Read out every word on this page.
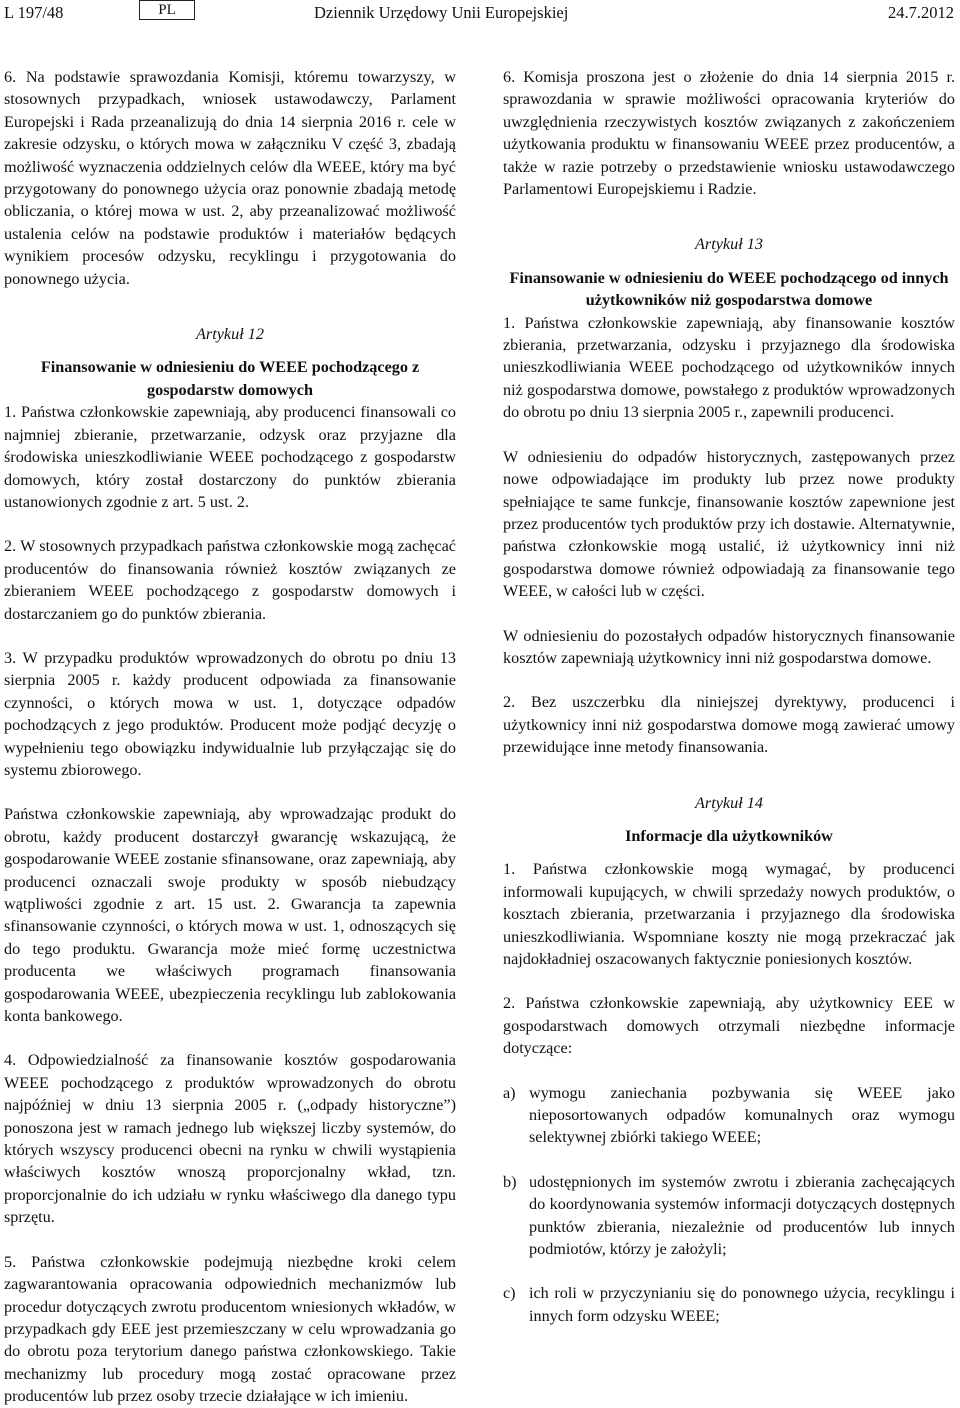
L 197/48	PL	Dziennik Urzędowy Unii Europejskiej	24.7.2012

6. Na podstawie sprawozdania Komisji, któremu towarzyszy, w stosownych przypadkach, wniosek ustawodawczy, Parlament Europejski i Rada przeanalizują do dnia 14 sierpnia 2016 r. cele w zakresie odzysku, o których mowa w załączniku V część 3, zbadają możliwość wyznaczenia oddzielnych celów dla WEEE, który ma być przygotowany do ponownego użycia oraz ponownie zbadają metodę obliczania, o której mowa w ust. 2, aby przeanalizować możliwość ustalenia celów na podstawie produktów i materiałów będących wynikiem procesów odzysku, recyklingu i przygotowania do ponownego użycia.

Artykuł 12

Finansowanie w odniesieniu do WEEE pochodzącego z gospodarstw domowych

1. Państwa członkowskie zapewniają, aby producenci finansowali co najmniej zbieranie, przetwarzanie, odzysk oraz przyjazne dla środowiska unieszkodliwianie WEEE pochodzącego z gospodarstw domowych, który został dostarczony do punktów zbierania ustanowionych zgodnie z art. 5 ust. 2.

2. W stosownych przypadkach państwa członkowskie mogą zachęcać producentów do finansowania również kosztów związanych ze zbieraniem WEEE pochodzącego z gospodarstw domowych i dostarczaniem go do punktów zbierania.

3. W przypadku produktów wprowadzonych do obrotu po dniu 13 sierpnia 2005 r. każdy producent odpowiada za finansowanie czynności, o których mowa w ust. 1, dotyczące odpadów pochodzących z jego produktów. Producent może podjąć decyzję o wypełnieniu tego obowiązku indywidualnie lub przyłączając się do systemu zbiorowego.

Państwa członkowskie zapewniają, aby wprowadzając produkt do obrotu, każdy producent dostarczył gwarancję wskazującą, że gospodarowanie WEEE zostanie sfinansowane, oraz zapewniają, aby producenci oznaczali swoje produkty w sposób niebudzący wątpliwości zgodnie z art. 15 ust. 2. Gwarancja ta zapewnia sfinansowanie czynności, o których mowa w ust. 1, odnoszących się do tego produktu. Gwarancja może mieć formę uczestnictwa producenta we właściwych programach finansowania gospodarowania WEEE, ubezpieczenia recyklingu lub zablokowania konta bankowego.

4. Odpowiedzialność za finansowanie kosztów gospodarowania WEEE pochodzącego z produktów wprowadzonych do obrotu najpóźniej w dniu 13 sierpnia 2005 r. („odpady historyczne”) ponoszona jest w ramach jednego lub większej liczby systemów, do których wszyscy producenci obecni na rynku w chwili wystąpienia właściwych kosztów wnoszą proporcjonalny wkład, tzn. proporcjonalnie do ich udziału w rynku właściwego dla danego typu sprzętu.

5. Państwa członkowskie podejmują niezbędne kroki celem zagwarantowania opracowania odpowiednich mechanizmów lub procedur dotyczących zwrotu producentom wniesionych wkładów, w przypadkach gdy EEE jest przemieszczany w celu wprowadzania go do obrotu poza terytorium danego państwa członkowskiego. Takie mechanizmy lub procedury mogą zostać opracowane przez producentów lub przez osoby trzecie działające w ich imieniu.

6. Komisja proszona jest o złożenie do dnia 14 sierpnia 2015 r. sprawozdania w sprawie możliwości opracowania kryteriów do uwzględnienia rzeczywistych kosztów związanych z zakończeniem użytkowania produktu w finansowaniu WEEE przez producentów, a także w razie potrzeby o przedstawienie wniosku ustawodawczego Parlamentowi Europejskiemu i Radzie.

Artykuł 13

Finansowanie w odniesieniu do WEEE pochodzącego od innych użytkowników niż gospodarstwa domowe

1. Państwa członkowskie zapewniają, aby finansowanie kosztów zbierania, przetwarzania, odzysku i przyjaznego dla środowiska unieszkodliwiania WEEE pochodzącego od użytkowników innych niż gospodarstwa domowe, powstałego z produktów wprowadzonych do obrotu po dniu 13 sierpnia 2005 r., zapewnili producenci.

W odniesieniu do odpadów historycznych, zastępowanych przez nowe odpowiadające im produkty lub przez nowe produkty spełniające te same funkcje, finansowanie kosztów zapewnione jest przez producentów tych produktów przy ich dostawie. Alternatywnie, państwa członkowskie mogą ustalić, iż użytkownicy inni niż gospodarstwa domowe również odpowiadają za finansowanie tego WEEE, w całości lub w części.

W odniesieniu do pozostałych odpadów historycznych finansowanie kosztów zapewniają użytkownicy inni niż gospodarstwa domowe.

2. Bez uszczerbku dla niniejszej dyrektywy, producenci i użytkownicy inni niż gospodarstwa domowe mogą zawierać umowy przewidujące inne metody finansowania.

Artykuł 14

Informacje dla użytkowników

1. Państwa członkowskie mogą wymagać, by producenci informowali kupujących, w chwili sprzedaży nowych produktów, o kosztach zbierania, przetwarzania i przyjaznego dla środowiska unieszkodliwiania. Wspomniane koszty nie mogą przekraczać jak najdokładniej oszacowanych faktycznie poniesionych kosztów.

2. Państwa członkowskie zapewniają, aby użytkownicy EEE w gospodarstwach domowych otrzymali niezbędne informacje dotyczące:

a) wymogu zaniechania pozbywania się WEEE jako nieposortowanych odpadów komunalnych oraz wymogu selektywnej zbiórki takiego WEEE;
b) udostępnionych im systemów zwrotu i zbierania zachęcających do koordynowania systemów informacji dotyczących dostępnych punktów zbierania, niezależnie od producentów lub innych podmiotów, którzy je założyli;
c) ich roli w przyczynianiu się do ponownego użycia, recyklingu i innych form odzysku WEEE;
